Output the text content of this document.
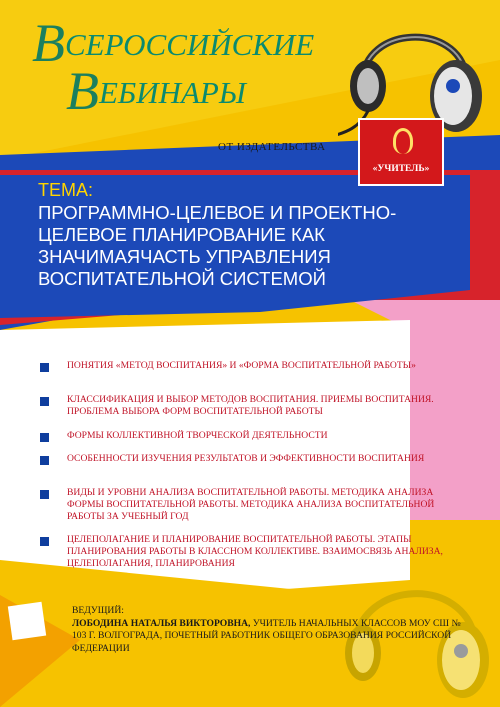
ВСЕРОССИЙСКИЕ
ВЕБИНАРЫ
ОТ ИЗДАТЕЛЬСТВА
«УЧИТЕЛЬ»
ТЕМА:
ПРОГРАММНО-ЦЕЛЕВОЕ И ПРОЕКТНО-ЦЕЛЕВОЕ ПЛАНИРОВАНИЕ КАК ЗНАЧИМАЯЧАСТЬ УПРАВЛЕНИЯ ВОСПИТАТЕЛЬНОЙ СИСТЕМОЙ
ПОНЯТИЯ «МЕТОД ВОСПИТАНИЯ» И «ФОРМА ВОСПИТАТЕЛЬНОЙ РАБОТЫ»
КЛАССИФИКАЦИЯ И ВЫБОР МЕТОДОВ ВОСПИТАНИЯ. ПРИЕМЫ ВОСПИТАНИЯ. ПРОБЛЕМА ВЫБОРА ФОРМ ВОСПИТАТЕЛЬНОЙ РАБОТЫ
ФОРМЫ КОЛЛЕКТИВНОЙ ТВОРЧЕСКОЙ ДЕЯТЕЛЬНОСТИ
ОСОБЕННОСТИ ИЗУЧЕНИЯ РЕЗУЛЬТАТОВ И ЭФФЕКТИВНОСТИ ВОСПИТАНИЯ
ВИДЫ И УРОВНИ АНАЛИЗА ВОСПИТАТЕЛЬНОЙ РАБОТЫ. МЕТОДИКА АНАЛИЗА ФОРМЫ ВОСПИТАТЕЛЬНОЙ РАБОТЫ. МЕТОДИКА АНАЛИЗА ВОСПИТАТЕЛЬНОЙ РАБОТЫ ЗА УЧЕБНЫЙ ГОД
ЦЕЛЕПОЛАГАНИЕ И ПЛАНИРОВАНИЕ ВОСПИТАТЕЛЬНОЙ РАБОТЫ. ЭТАПЫ ПЛАНИРОВАНИЯ РАБОТЫ В КЛАССНОМ КОЛЛЕКТИВЕ. ВЗАИМОСВЯЗЬ АНАЛИЗА, ЦЕЛЕПОЛАГАНИЯ, ПЛАНИРОВАНИЯ
ВЕДУЩИЙ:
ЛОБОДИНА НАТАЛЬЯ ВИКТОРОВНА, УЧИТЕЛЬ НАЧАЛЬНЫХ КЛАССОВ МОУ СШ № 103 Г. ВОЛГОГРАДА, ПОЧЕТНЫЙ РАБОТНИК ОБЩЕГО ОБРАЗОВАНИЯ РОССИЙСКОЙ ФЕДЕРАЦИИ
